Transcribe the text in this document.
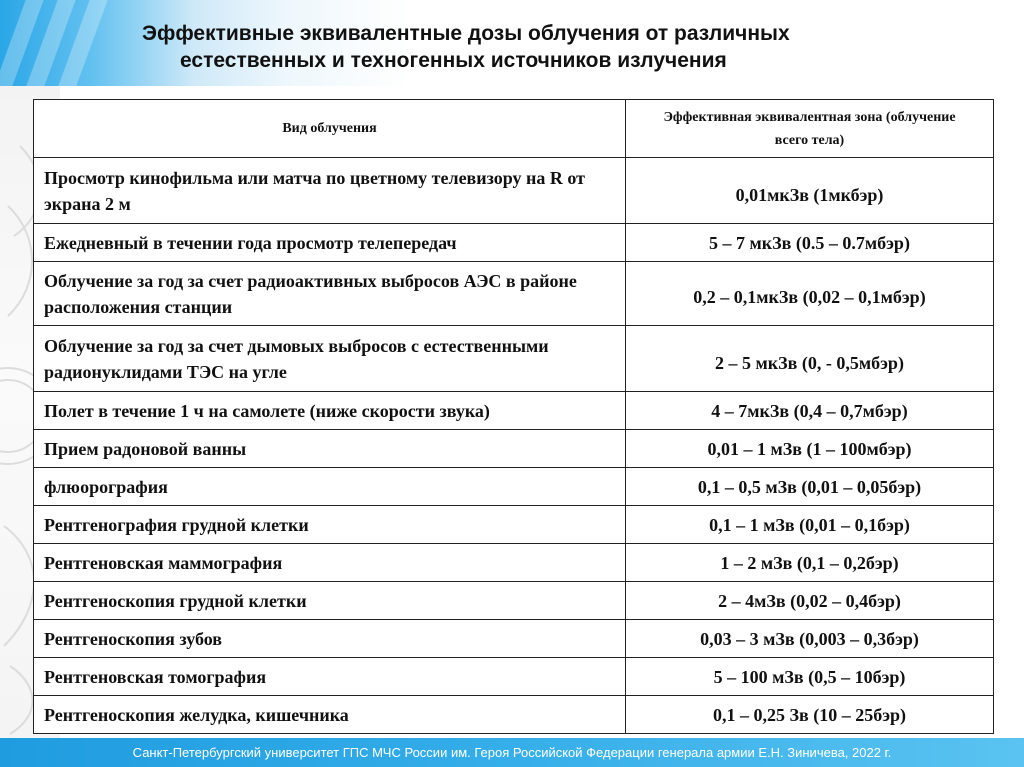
Эффективные эквивалентные дозы облучения от различных
естественных и техногенных источников излучения
Вид облучения	Эффективная эквивалентная зона (облучение всего тела)
Просмотр кинофильма или матча по цветному телевизору на R от экрана 2 м	0,01мкЗв (1мкбэр)
Ежедневный в течении года просмотр телепередач	5 – 7 мкЗв (0.5 – 0.7мбэр)
Облучение за год за счет радиоактивных выбросов АЭС в районе расположения станции	0,2 – 0,1мкЗв (0,02 – 0,1мбэр)
Облучение за год за счет дымовых выбросов с естественными радионуклидами ТЭС на угле	2 – 5 мкЗв (0, - 0,5мбэр)
Полет в течение 1 ч на самолете (ниже скорости звука)	4 – 7мкЗв (0,4 – 0,7мбэр)
Прием радоновой ванны	0,01 – 1 мЗв (1 – 100мбэр)
флюорография	0,1 – 0,5 мЗв (0,01 – 0,05бэр)
Рентгенография грудной клетки	0,1 – 1 мЗв (0,01 – 0,1бэр)
Рентгеновская маммография	1 – 2 мЗв (0,1 – 0,2бэр)
Рентгеноскопия грудной клетки	2 – 4мЗв (0,02 – 0,4бэр)
Рентгеноскопия зубов	0,03 – 3 мЗв (0,003 – 0,3бэр)
Рентгеновская томография	5 – 100 мЗв (0,5 – 10бэр)
Рентгеноскопия желудка, кишечника	0,1 – 0,25 Зв (10 – 25бэр)
Санкт-Петербургский университет ГПС МЧС России им. Героя Российской Федерации генерала армии Е.Н. Зиничева, 2022 г.
